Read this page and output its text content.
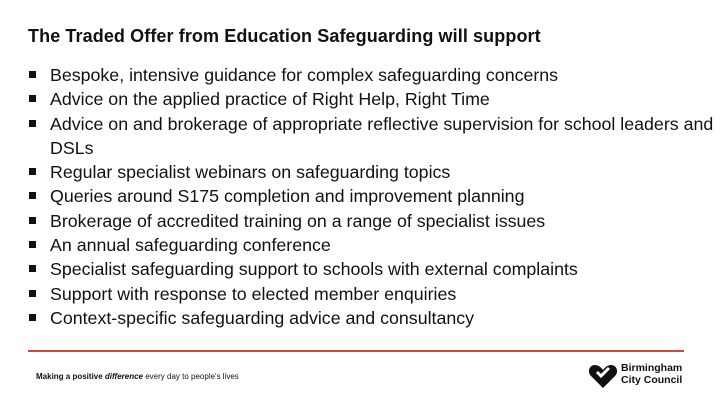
The Traded Offer from Education Safeguarding will support
Bespoke, intensive guidance for complex safeguarding concerns
Advice on the applied practice of Right Help, Right Time
Advice on and brokerage of appropriate reflective supervision for school leaders and DSLs
Regular specialist webinars on safeguarding topics
Queries around S175 completion and improvement planning
Brokerage of accredited training on a range of specialist issues
An annual safeguarding conference
Specialist safeguarding support to schools with external complaints
Support with response to elected member enquiries
Context-specific safeguarding advice and consultancy
Making a positive difference every day to people's lives
Birmingham
City Council
